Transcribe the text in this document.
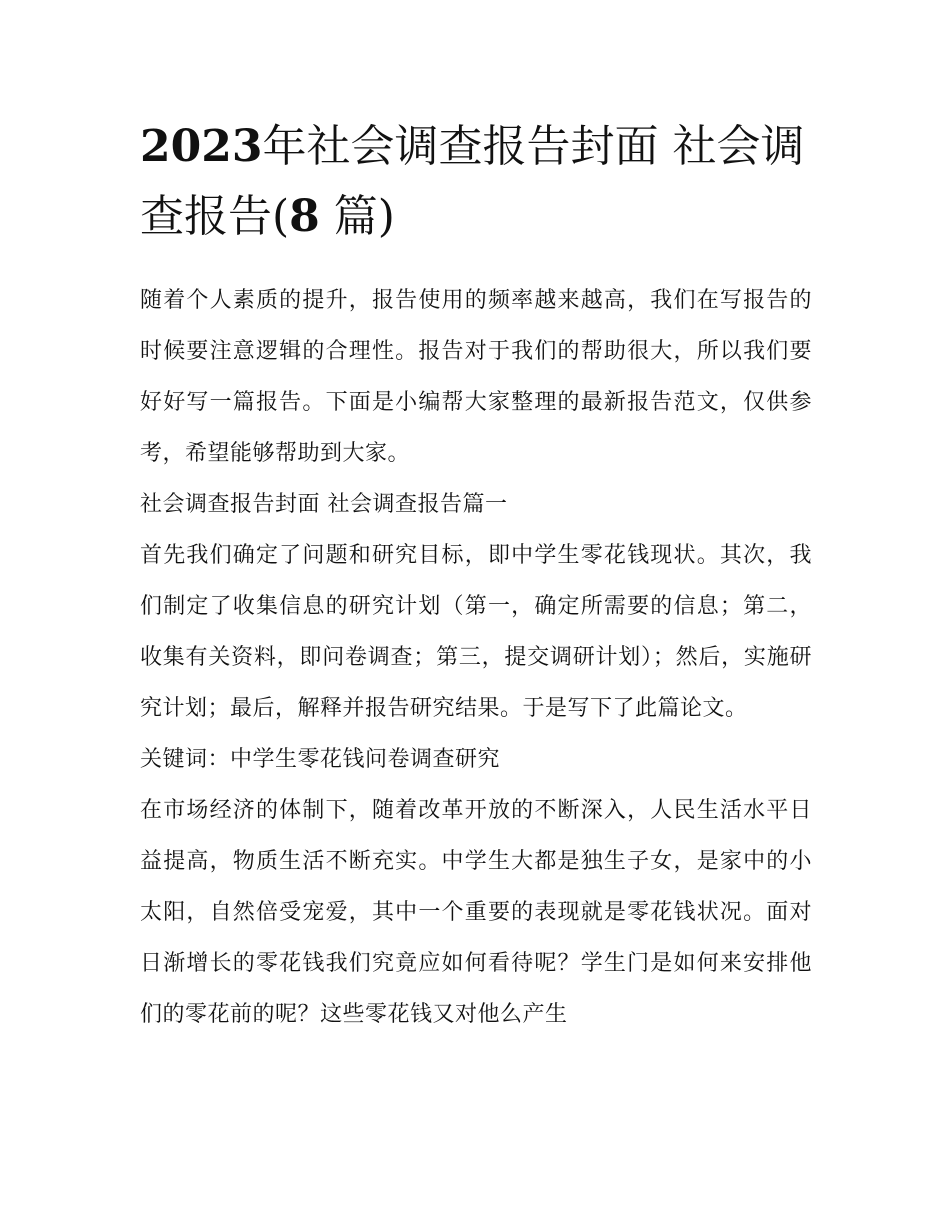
2023年社会调查报告封面 社会调查报告(8 篇)

随着个人素质的提升，报告使用的频率越来越高，我们在写报告的时候要注意逻辑的合理性。报告对于我们的帮助很大，所以我们要好好写一篇报告。下面是小编帮大家整理的最新报告范文，仅供参考，希望能够帮助到大家。

社会调查报告封面 社会调查报告篇一

首先我们确定了问题和研究目标，即中学生零花钱现状。其次，我们制定了收集信息的研究计划（第一，确定所需要的信息；第二，收集有关资料，即问卷调查；第三，提交调研计划）；然后，实施研究计划；最后，解释并报告研究结果。于是写下了此篇论文。

关键词：中学生零花钱问卷调查研究

在市场经济的体制下，随着改革开放的不断深入，人民生活水平日益提高，物质生活不断充实。中学生大都是独生子女，是家中的小太阳，自然倍受宠爱，其中一个重要的表现就是零花钱状况。面对日渐增长的零花钱我们究竟应如何看待呢？学生门是如何来安排他们的零花前的呢？这些零花钱又对他么产生
